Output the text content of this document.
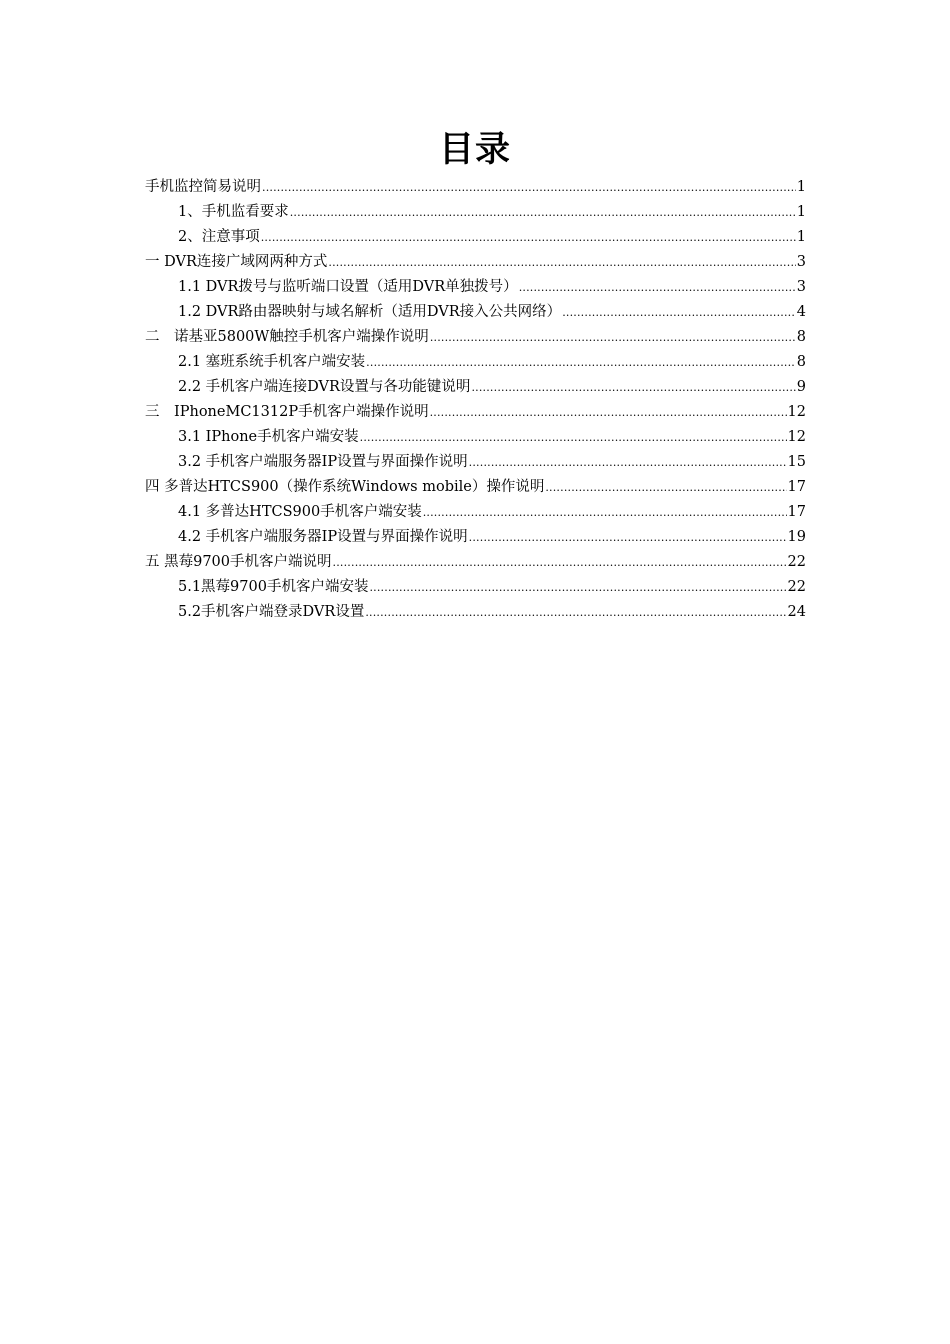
目录
手机监控简易说明 .....	1
1、手机监看要求 .....	1
2、注意事项 .....	1
一 DVR连接广域网两种方式 .....	3
1.1 DVR拨号与监听端口设置（适用DVR单独拨号） .....	3
1.2 DVR路由器映射与域名解析（适用DVR接入公共网络） .....	4
二　诺基亚5800W触控手机客户端操作说明 .....	8
2.1 塞班系统手机客户端安装 .....	8
2.2 手机客户端连接DVR设置与各功能键说明 .....	9
三　IPhoneMC1312P手机客户端操作说明 .....	12
3.1 IPhone手机客户端安装 .....	12
3.2 手机客户端服务器IP设置与界面操作说明 .....	15
四 多普达HTCS900（操作系统Windows mobile）操作说明 .....	17
4.1 多普达HTCS900手机客户端安装 .....	17
4.2 手机客户端服务器IP设置与界面操作说明 .....	19
五 黑莓9700手机客户端说明 .....	22
5.1黑莓9700手机客户端安装 .....	22
5.2手机客户端登录DVR设置 .....	24
